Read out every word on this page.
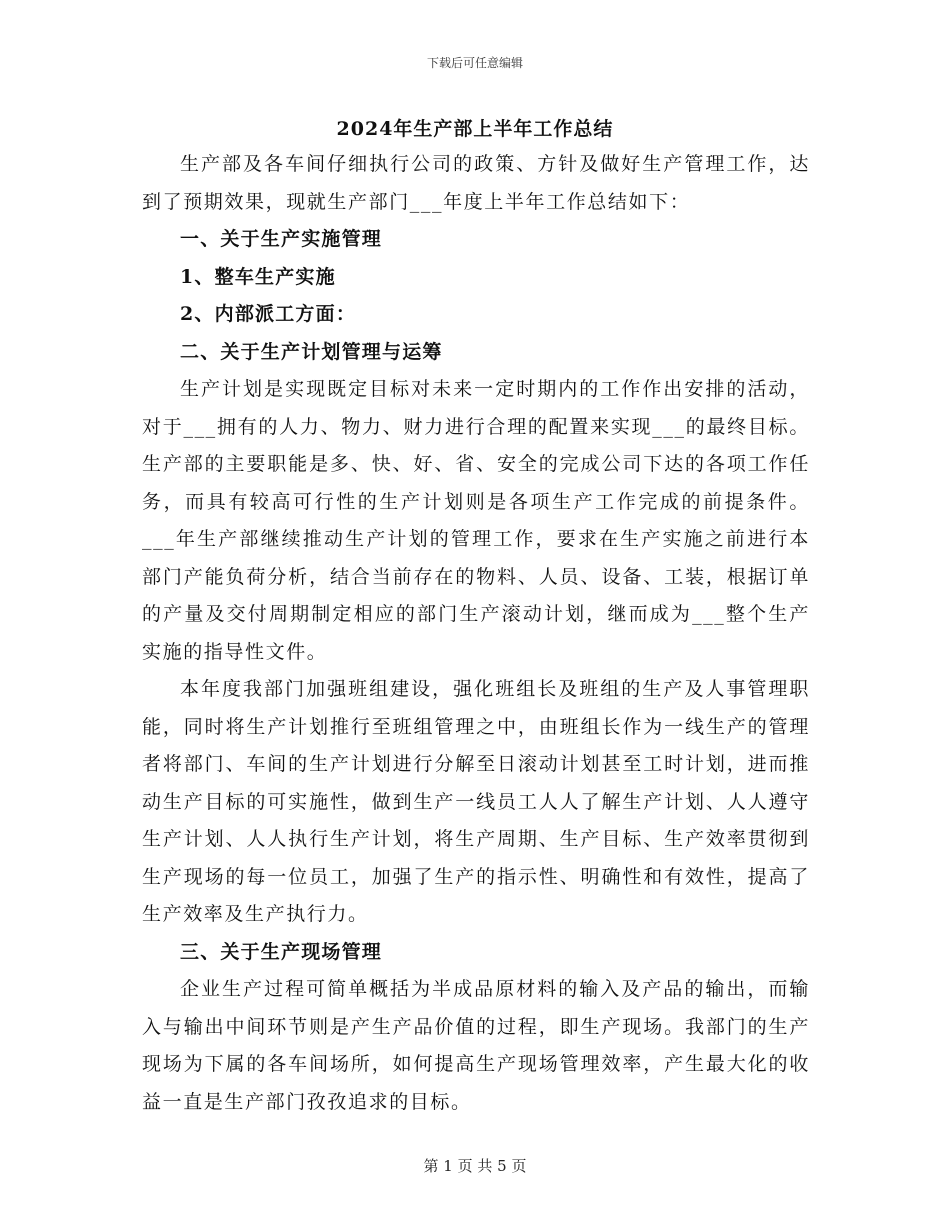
下载后可任意编辑
2024年生产部上半年工作总结

生产部及各车间仔细执行公司的政策、方针及做好生产管理工作，达到了预期效果，现就生产部门___年度上半年工作总结如下：

一、关于生产实施管理

1、整车生产实施

2、内部派工方面：

二、关于生产计划管理与运筹

生产计划是实现既定目标对未来一定时期内的工作作出安排的活动，对于___拥有的人力、物力、财力进行合理的配置来实现___的最终目标。生产部的主要职能是多、快、好、省、安全的完成公司下达的各项工作任务，而具有较高可行性的生产计划则是各项生产工作完成的前提条件。___年生产部继续推动生产计划的管理工作，要求在生产实施之前进行本部门产能负荷分析，结合当前存在的物料、人员、设备、工装，根据订单的产量及交付周期制定相应的部门生产滚动计划，继而成为___整个生产实施的指导性文件。

本年度我部门加强班组建设，强化班组长及班组的生产及人事管理职能，同时将生产计划推行至班组管理之中，由班组长作为一线生产的管理者将部门、车间的生产计划进行分解至日滚动计划甚至工时计划，进而推动生产目标的可实施性，做到生产一线员工人人了解生产计划、人人遵守生产计划、人人执行生产计划，将生产周期、生产目标、生产效率贯彻到生产现场的每一位员工，加强了生产的指示性、明确性和有效性，提高了生产效率及生产执行力。

三、关于生产现场管理

企业生产过程可简单概括为半成品原材料的输入及产品的输出，而输入与输出中间环节则是产生产品价值的过程，即生产现场。我部门的生产现场为下属的各车间场所，如何提高生产现场管理效率，产生最大化的收益一直是生产部门孜孜追求的目标。

第 1 页 共 5 页
